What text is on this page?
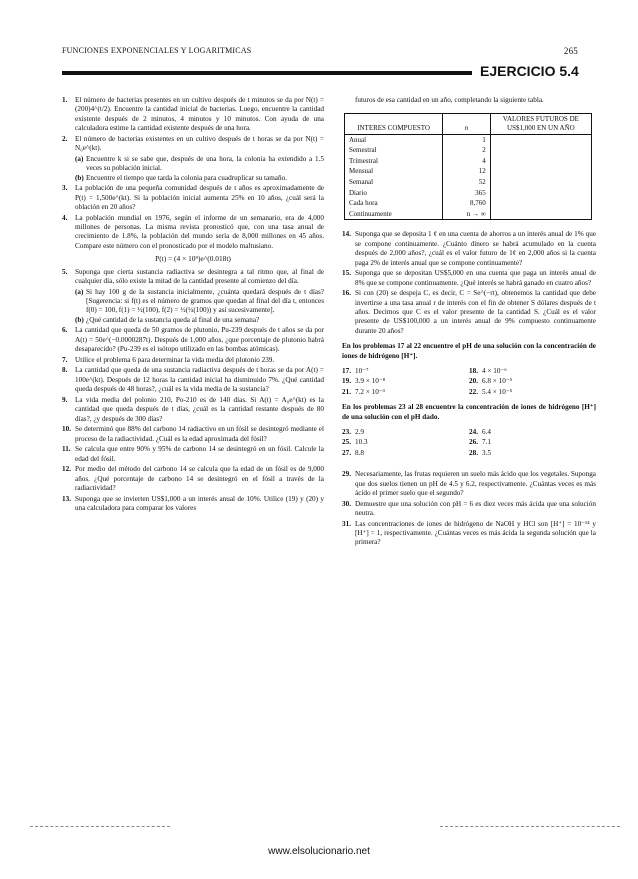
FUNCIONES EXPONENCIALES Y LOGARITMICAS	265
EJERCICIO 5.4
1. El número de bacterias presentes en un cultivo después de t minutos se da por N(t) = (200)4^(t/2). Encuentre la cantidad inicial de bacterias. Luego, encuentre la cantidad existente después de 2 minutos, 4 minutos y 10 minutos. Con ayuda de una calculadora estime la cantidad existente después de una hora.
2. El número de bacterias existentes en un cultivo después de t horas se da por N(t) = N₀e^(kt).
(a) Encuentre k si se sabe que, después de una hora, la colonia ha extendido a 1.5 veces su población inicial.
(b) Encuentre el tiempo que tarda la colonia para cuadruplicar su tamaño.
3. La población de una pequeña comunidad después de t años es aproximadamente de P(t) = 1,500e^(kt). Si la población inicial aumenta 25% en 10 años, ¿cuál será la oblación en 20 años?
4. La población mundial en 1976, según el informe de un semanario, era de 4,000 millones de personas. La misma revista pronosticó que, con una tasa anual de crecimiento de 1.8%, la población del mundo sería de 8,000 millones en 45 años. Compare este número con el pronosticado por el modelo maltusiano.
P(t) = (4 × 10⁹)e^(0.018t)
5. Suponga que cierta sustancia radiactiva se desintegra a tal ritmo que, al final de cualquier día, sólo existe la mitad de la cantidad presente al comienzo del día.
(a) Si hay 100 g de la sustancia inicialmente, ¿cuánta quedará después de t días? [Sugerencia: si f(t) es el número de gramos que quedan al final del día t, entonces f(0) = 100, f(1) = ½(100), f(2) = ½(½(100)) y así sucesivamente].
(b) ¿Qué cantidad de la sustancia queda al final de una semana?
6. La cantidad que queda de 50 gramos de plutonio, Pu-239 después de t años se da por A(t) = 50e^(−0.0000287t). Después de 1,000 años, ¿que porcentaje de plutonio habrá desaparecido? (Pu-239 es el isótopo utilizado en las bombas atómicas).
7. Utilice el problema 6 para determinar la vida media del plutonio 239.
8. La cantidad que queda de una sustancia radiactiva después de t horas se da por A(t) = 100e^(kt). Después de 12 horas la cantidad inicial ha disminuido 7%. ¿Qué cantidad queda después de 48 horas?, ¿cuál es la vida media de la sustancia?
9. La vida media del polonio 210, Po-210 es de 140 días. Si A(t) = A₀e^(kt) es la cantidad que queda después de t días, ¿cuál es la cantidad restante después de 80 días?, ¿y después de 300 días?
10. Se determinó que 88% del carbono 14 radiactivo en un fósil se desintegró mediante el proceso de la radiactividad. ¿Cuál es la edad aproximada del fósil?
11. Se calcula que entre 90% y 95% de carbono 14 se desintegró en un fósil. Calcule la edad del fósil.
12. Por medio del método del carbono 14 se calcula que la edad de un fósil es de 9,000 años. ¿Qué porcentaje de carbono 14 se desintegró en el fósil a través de la radiactividad?
13. Suponga que se invierten US$1,000 a un interés anual de 10%. Utilice (19) y (20) y una calculadora para comparar los valores
futuros de esa cantidad en un año, completando la siguiente tabla.
INTERES COMPUESTO	n	VALORES FUTUROS DE US$1,000 EN UN AÑO
Anual	1	
Semestral	2	
Trimestral	4	
Mensual	12	
Semanal	52	
Diario	365	
Cada hora	8,760	
Continuamente	n → ∞	
14. Suponga que se deposita 1 ¢ en una cuenta de ahorros a un interés anual de 1% que se compone continuamente. ¿Cuánto dinero se habrá acumulado en la cuenta después de 2,000 años?, ¿cuál es el valor futuro de 1¢ en 2,000 años si la cuenta paga 2% de interés anual que se compone continuamente?
15. Suponga que se depositan US$5,000 en una cuenta que paga un interés anual de 8% que se compone continuamente. ¿Qué interés se habrá ganado en cuatro años?
16. Si con (20) se despeja C, es decir, C = Se^(−rt), obtenemos la cantidad que debe invertirse a una tasa anual r de interés con el fin de obtener S dólares después de t años. Decimos que C es el valor presente de la cantidad S. ¿Cuál es el valor presente de US$100,000 a un interés anual de 9% compuesto continuamente durante 20 años?
En los problemas 17 al 22 encuentre el pH de una solución con la concentración de iones de hidrógeno [H⁺].
17. 10⁻⁷	18. 4 × 10⁻⁶
19. 3.9 × 10⁻⁸	20. 6.8 × 10⁻⁵
21. 7.2 × 10⁻³	22. 5.4 × 10⁻⁵
En los problemas 23 al 28 encuentre la concentración de iones de hidrógeno [H⁺] de una solución con el pH dado.
23. 2.9	24. 6.4
25. 10.3	26. 7.1
27. 8.8	28. 3.5
29. Necesariamente, las frutas requieren un suelo más ácido que los vegetales. Suponga que dos suelos tienen un pH de 4.5 y 6.2, respectivamente. ¿Cuántas veces es más ácido el primer suelo que el segundo?
30. Demuestre que una solución con pH = 6 es diez veces más ácida que una solución neutra.
31. Las concentraciones de iones de hidrógeno de NaOH y HCl son [H⁺] = 10⁻¹⁴ y [H⁺] = 1, respectivamente. ¿Cuántas veces es más ácida la segunda solución que la primera?
www.elsolucionario.net
